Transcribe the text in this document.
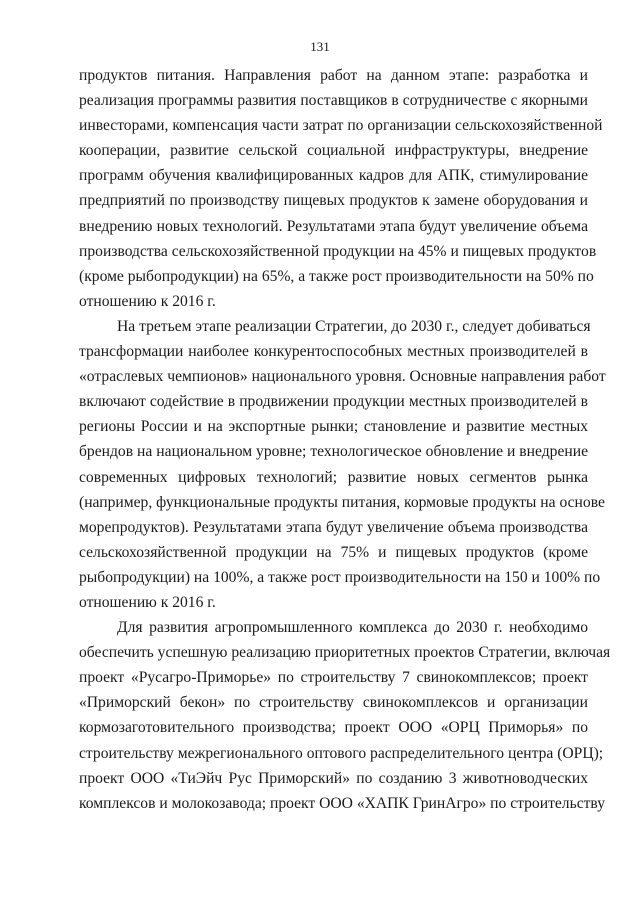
131

продуктов питания. Направления работ на данном этапе: разработка и
реализация программы развития поставщиков в сотрудничестве с якорными
инвесторами, компенсация части затрат по организации сельскохозяйственной
кооперации, развитие сельской социальной инфраструктуры, внедрение
программ обучения квалифицированных кадров для АПК, стимулирование
предприятий по производству пищевых продуктов к замене оборудования и
внедрению новых технологий. Результатами этапа будут увеличение объема
производства сельскохозяйственной продукции на 45% и пищевых продуктов
(кроме рыбопродукции) на 65%, а также рост производительности на 50% по
отношению к 2016 г.

На третьем этапе реализации Стратегии, до 2030 г., следует добиваться
трансформации наиболее конкурентоспособных местных производителей в
«отраслевых чемпионов» национального уровня. Основные направления работ
включают содействие в продвижении продукции местных производителей в
регионы России и на экспортные рынки; становление и развитие местных
брендов на национальном уровне; технологическое обновление и внедрение
современных цифровых технологий; развитие новых сегментов рынка
(например, функциональные продукты питания, кормовые продукты на основе
морепродуктов). Результатами этапа будут увеличение объема производства
сельскохозяйственной продукции на 75% и пищевых продуктов (кроме
рыбопродукции) на 100%, а также рост производительности на 150 и 100% по
отношению к 2016 г.

Для развития агропромышленного комплекса до 2030 г. необходимо
обеспечить успешную реализацию приоритетных проектов Стратегии, включая
проект «Русагро-Приморье» по строительству 7 свинокомплексов; проект
«Приморский бекон» по строительству свинокомплексов и организации
кормозаготовительного производства; проект ООО «ОРЦ Приморья» по
строительству межрегионального оптового распределительного центра (ОРЦ);
проект ООО «ТиЭйч Рус Приморский» по созданию 3 животноводческих
комплексов и молокозавода; проект ООО «ХАПК ГринАгро» по строительству
